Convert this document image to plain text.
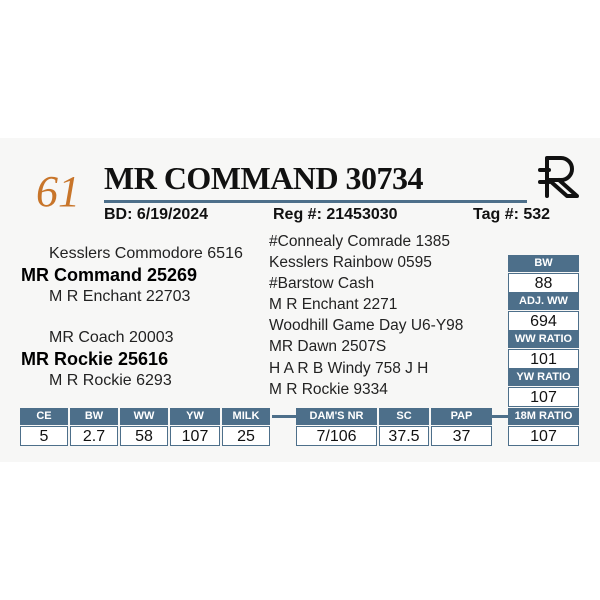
61 MR COMMAND 30734
BD: 6/19/2024	Reg #: 21453030	Tag #: 532
Kesslers Commodore 6516
MR Command 25269
M R Enchant 22703
MR Coach 20003
MR Rockie 25616
M R Rockie 6293
#Connealy Comrade 1385
Kesslers Rainbow 0595
#Barstow Cash
M R Enchant 2271
Woodhill Game Day U6-Y98
MR Dawn 2507S
H A R B Windy 758 J H
M R Rockie 9334
BW
88
ADJ. WW
694
WW RATIO
101
YW RATIO
107
18M RATIO
107
CE	BW	WW	YW	MILK
5	2.7	58	107	25
DAM'S NR	SC	PAP
7/106	37.5	37
